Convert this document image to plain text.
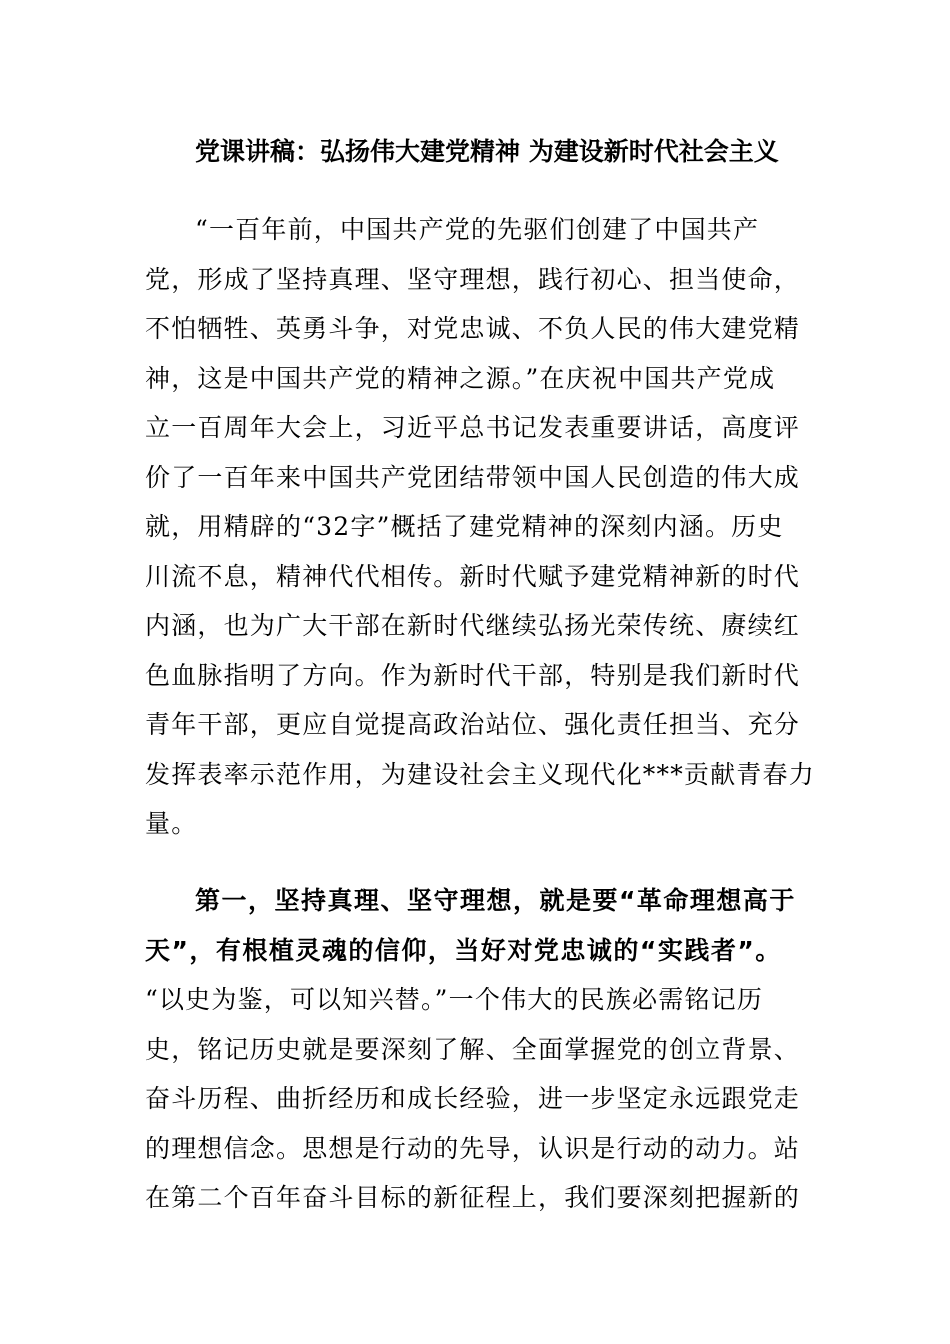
党课讲稿：弘扬伟大建党精神 为建设新时代社会主义
“一百年前，中国共产党的先驱们创建了中国共产
党，形成了坚持真理、坚守理想，践行初心、担当使命，
不怕牺牲、英勇斗争，对党忠诚、不负人民的伟大建党精
神，这是中国共产党的精神之源。”在庆祝中国共产党成
立一百周年大会上，习近平总书记发表重要讲话，高度评
价了一百年来中国共产党团结带领中国人民创造的伟大成
就，用精辟的“32字”概括了建党精神的深刻内涵。历史
川流不息，精神代代相传。新时代赋予建党精神新的时代
内涵，也为广大干部在新时代继续弘扬光荣传统、赓续红
色血脉指明了方向。作为新时代干部，特别是我们新时代
青年干部，更应自觉提高政治站位、强化责任担当、充分
发挥表率示范作用，为建设社会主义现代化***贡献青春力
量。
第一，坚持真理、坚守理想，就是要“革命理想高于
天”，有根植灵魂的信仰，当好对党忠诚的“实践者”。
“以史为鉴，可以知兴替。”一个伟大的民族必需铭记历
史，铭记历史就是要深刻了解、全面掌握党的创立背景、
奋斗历程、曲折经历和成长经验，进一步坚定永远跟党走
的理想信念。思想是行动的先导，认识是行动的动力。站
在第二个百年奋斗目标的新征程上，我们要深刻把握新的
